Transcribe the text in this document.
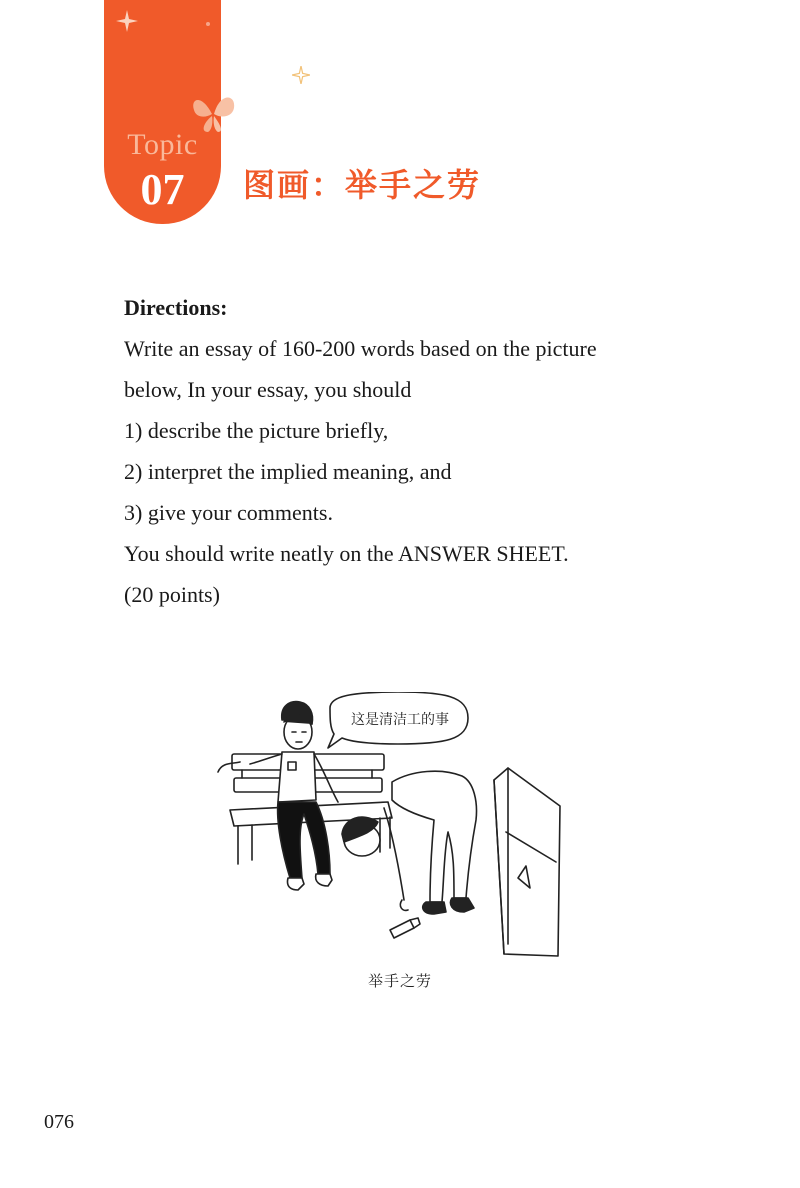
Topic
07	图画：举手之劳
Directions:
Write an essay of 160-200 words based on the picture
below, In your essay, you should
1) describe the picture briefly,
2) interpret the implied meaning, and
3) give your comments.
You should write neatly on the ANSWER SHEET.
(20 points)
这是清洁工的事
举手之劳
076
